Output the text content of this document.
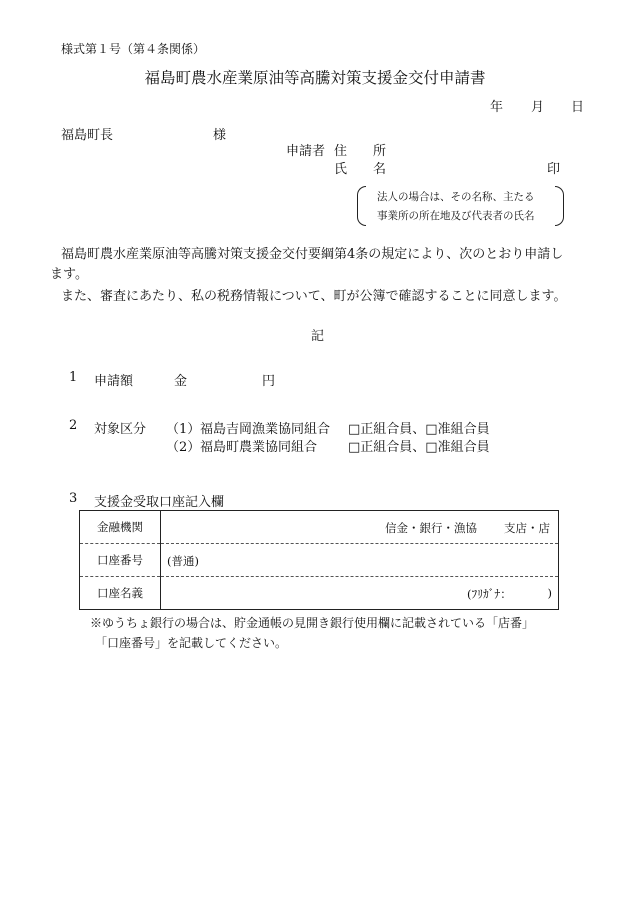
様式第１号（第４条関係）
福島町農水産業原油等高騰対策支援金交付申請書
年 月 日
福島町長	様
申請者 住　　所
氏　　名	印
法人の場合は、その名称、主たる
事業所の所在地及び代表者の氏名
福島町農水産業原油等高騰対策支援金交付要綱第4条の規定により、次のとおり申請し
ます。
また、審査にあたり、私の税務情報について、町が公簿で確認することに同意します。
記
1 申請額	金	円
2 対象区分 （1） 福島吉岡漁業協同組合 □正組合員、□准組合員
（2） 福島町農業協同組合 □正組合員、□准組合員
3 支援金受取口座記入欄
金融機関	信金・銀行・漁協 支店・店

口座番号	(普通)

口座名義	(ﾌﾘｶﾞﾅ： )
※ゆうちょ銀行の場合は、貯金通帳の見開き銀行使用欄に記載されている「店番」
「口座番号」を記載してください。
